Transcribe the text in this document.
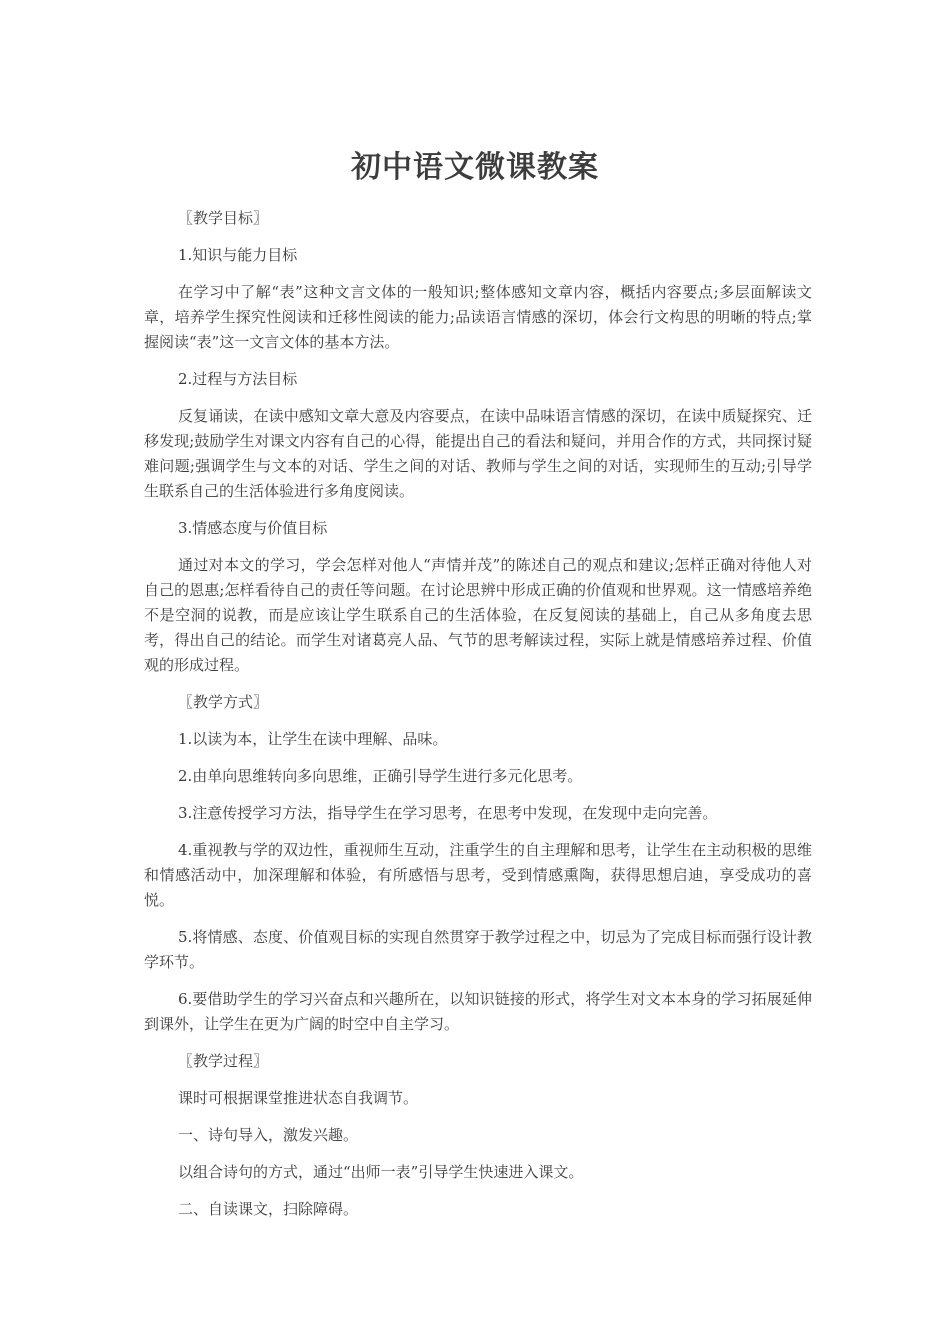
初中语文微课教案

〖教学目标〗

1.知识与能力目标

在学习中了解“表”这种文言文体的一般知识;整体感知文章内容，概括内容要点;多层面解读文章，培养学生探究性阅读和迁移性阅读的能力;品读语言情感的深切，体会行文构思的明晰的特点;掌握阅读“表”这一文言文体的基本方法。

2.过程与方法目标

反复诵读，在读中感知文章大意及内容要点，在读中品味语言情感的深切，在读中质疑探究、迁移发现;鼓励学生对课文内容有自己的心得，能提出自己的看法和疑问，并用合作的方式，共同探讨疑难问题;强调学生与文本的对话、学生之间的对话、教师与学生之间的对话，实现师生的互动;引导学生联系自己的生活体验进行多角度阅读。

3.情感态度与价值目标

通过对本文的学习，学会怎样对他人“声情并茂”的陈述自己的观点和建议;怎样正确对待他人对自己的恩惠;怎样看待自己的责任等问题。在讨论思辨中形成正确的价值观和世界观。这一情感培养绝不是空洞的说教，而是应该让学生联系自己的生活体验，在反复阅读的基础上，自己从多角度去思考，得出自己的结论。而学生对诸葛亮人品、气节的思考解读过程，实际上就是情感培养过程、价值观的形成过程。

〖教学方式〗

1.以读为本，让学生在读中理解、品味。

2.由单向思维转向多向思维，正确引导学生进行多元化思考。

3.注意传授学习方法，指导学生在学习思考，在思考中发现，在发现中走向完善。

4.重视教与学的双边性，重视师生互动，注重学生的自主理解和思考，让学生在主动积极的思维和情感活动中，加深理解和体验，有所感悟与思考，受到情感熏陶，获得思想启迪，享受成功的喜悦。

5.将情感、态度、价值观目标的实现自然贯穿于教学过程之中，切忌为了完成目标而强行设计教学环节。

6.要借助学生的学习兴奋点和兴趣所在，以知识链接的形式，将学生对文本本身的学习拓展延伸到课外，让学生在更为广阔的时空中自主学习。

〖教学过程〗

课时可根据课堂推进状态自我调节。

一、诗句导入，激发兴趣。

以组合诗句的方式，通过“出师一表”引导学生快速进入课文。

二、自读课文，扫除障碍。
